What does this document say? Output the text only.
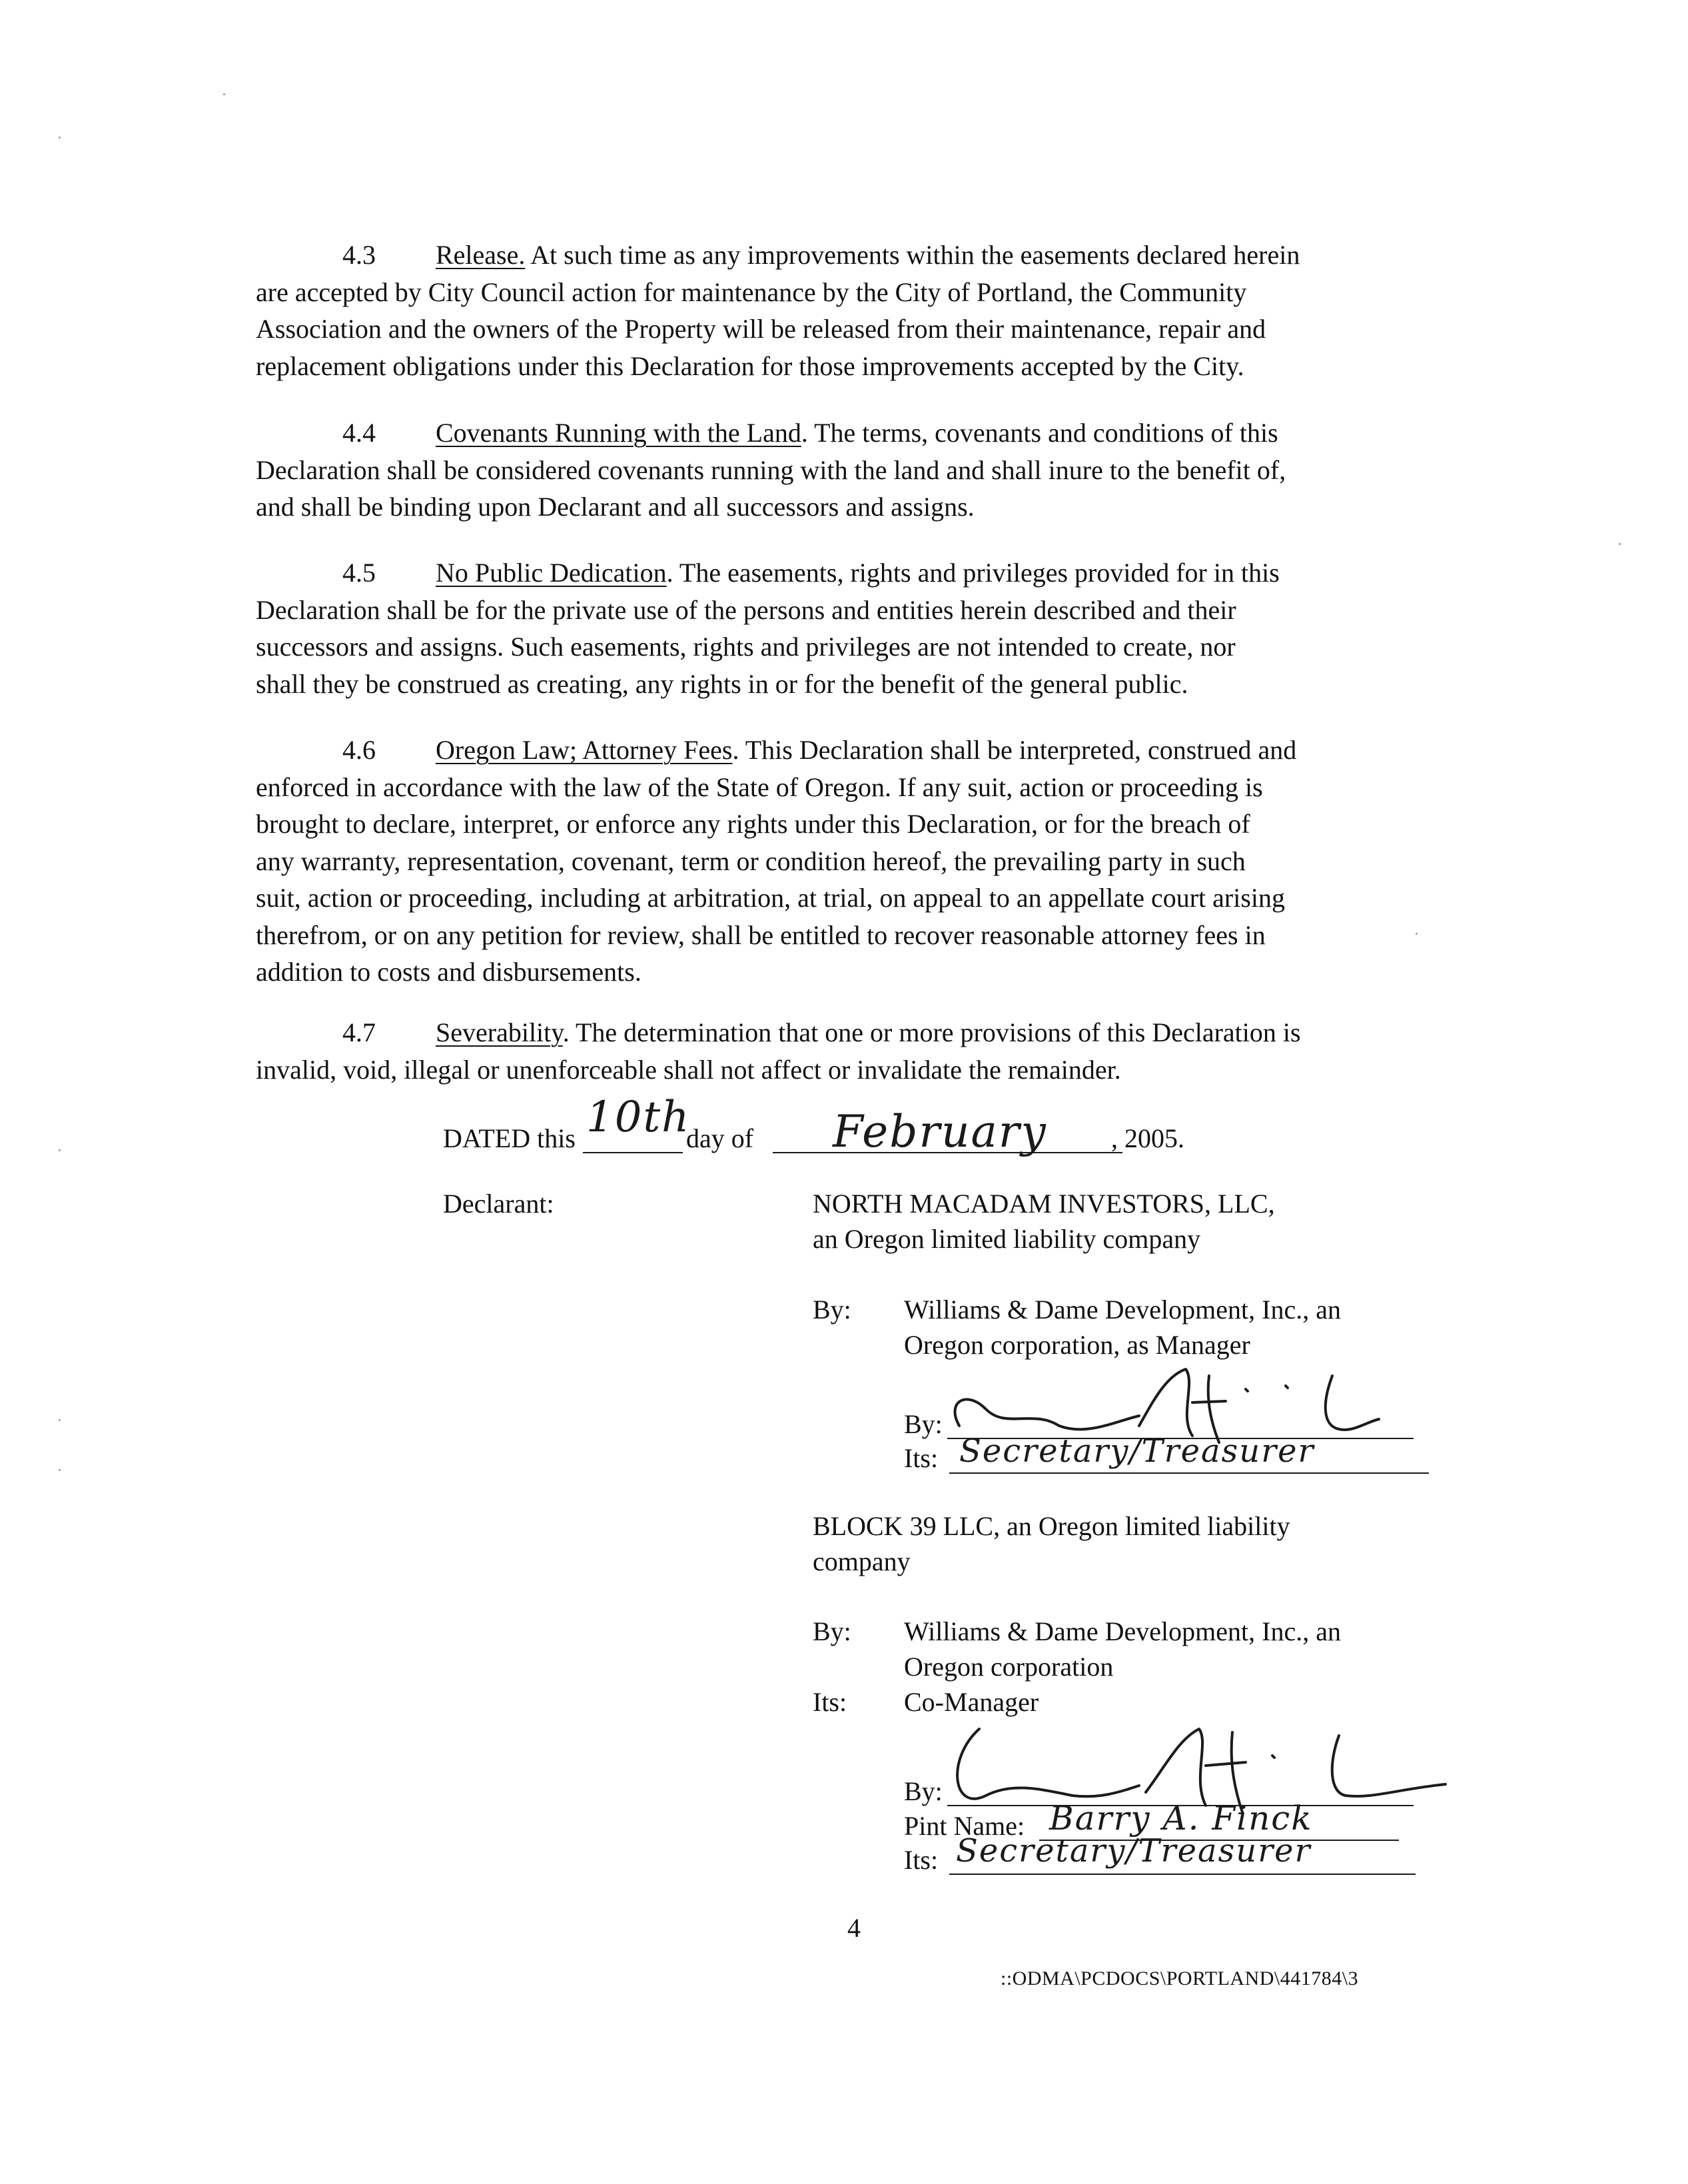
4.3 Release. At such time as any improvements within the easements declared herein
are accepted by City Council action for maintenance by the City of Portland, the Community
Association and the owners of the Property will be released from their maintenance, repair and
replacement obligations under this Declaration for those improvements accepted by the City.
4.4 Covenants Running with the Land. The terms, covenants and conditions of this
Declaration shall be considered covenants running with the land and shall inure to the benefit of,
and shall be binding upon Declarant and all successors and assigns.
4.5 No Public Dedication. The easements, rights and privileges provided for in this
Declaration shall be for the private use of the persons and entities herein described and their
successors and assigns. Such easements, rights and privileges are not intended to create, nor
shall they be construed as creating, any rights in or for the benefit of the general public.
4.6 Oregon Law; Attorney Fees. This Declaration shall be interpreted, construed and
enforced in accordance with the law of the State of Oregon. If any suit, action or proceeding is
brought to declare, interpret, or enforce any rights under this Declaration, or for the breach of
any warranty, representation, covenant, term or condition hereof, the prevailing party in such
suit, action or proceeding, including at arbitration, at trial, on appeal to an appellate court arising
therefrom, or on any petition for review, shall be entitled to recover reasonable attorney fees in
addition to costs and disbursements.
4.7 Severability. The determination that one or more provisions of this Declaration is
invalid, void, illegal or unenforceable shall not affect or invalidate the remainder.
DATED this 10th
day of February , 2005.
Declarant:	NORTH MACADAM INVESTORS, LLC,
an Oregon limited liability company
By: Williams & Dame Development, Inc., an
Oregon corporation, as Manager
By:
Its: Secretary/Treasurer
BLOCK 39 LLC, an Oregon limited liability
company
By: Williams & Dame Development, Inc., an
Oregon corporation
Its: Co-Manager
By:
Pint Name: Barry A. Finck
Its: Secretary/Treasurer
4
::ODMA\PCDOCS\PORTLAND\441784\3
